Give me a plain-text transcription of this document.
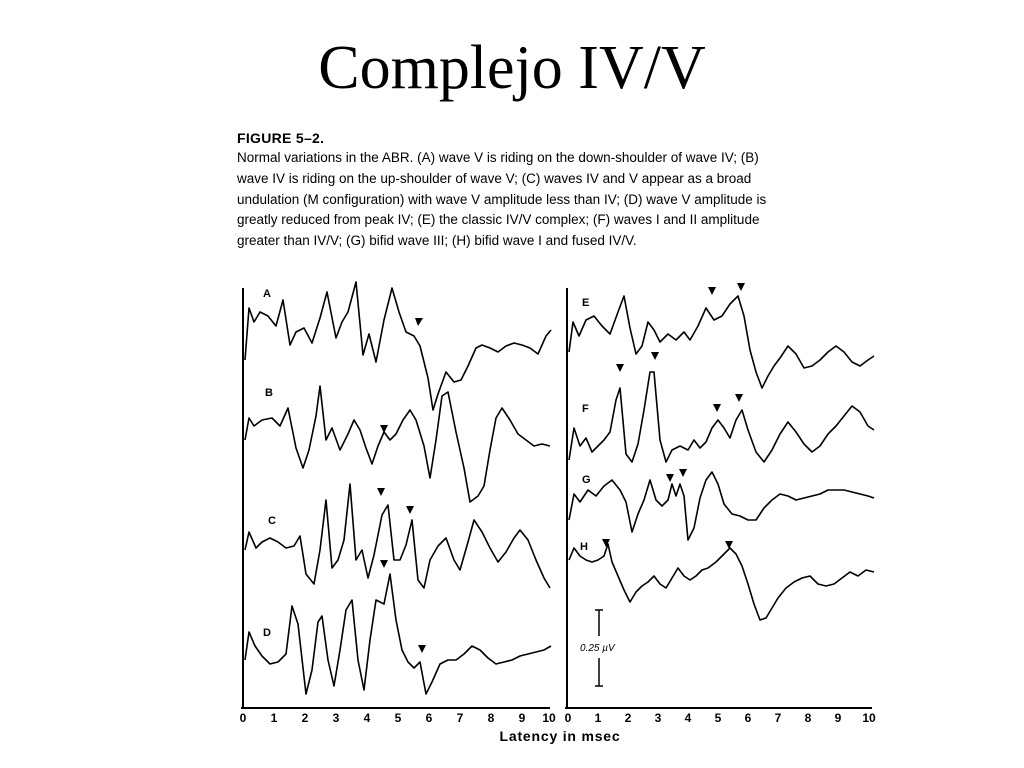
Complejo IV/V
FIGURE 5–2.
Normal variations in the ABR. (A) wave V is riding on the down-shoulder of wave IV; (B)
wave IV is riding on the up-shoulder of wave V; (C) waves IV and V appear as a broad
undulation (M configuration) with wave V amplitude less than IV; (D) wave V amplitude is
greatly reduced from peak IV; (E) the classic IV/V complex; (F) waves I and II amplitude
greater than IV/V; (G) bifid wave III; (H) bifid wave I and fused IV/V.
A
B
C
D
E
F
G
H
0.25 µV
0 1 2 3 4 5 6 7 8 9 10 0 1 2 3 4 5 6 7 8 9 10
Latency in msec
